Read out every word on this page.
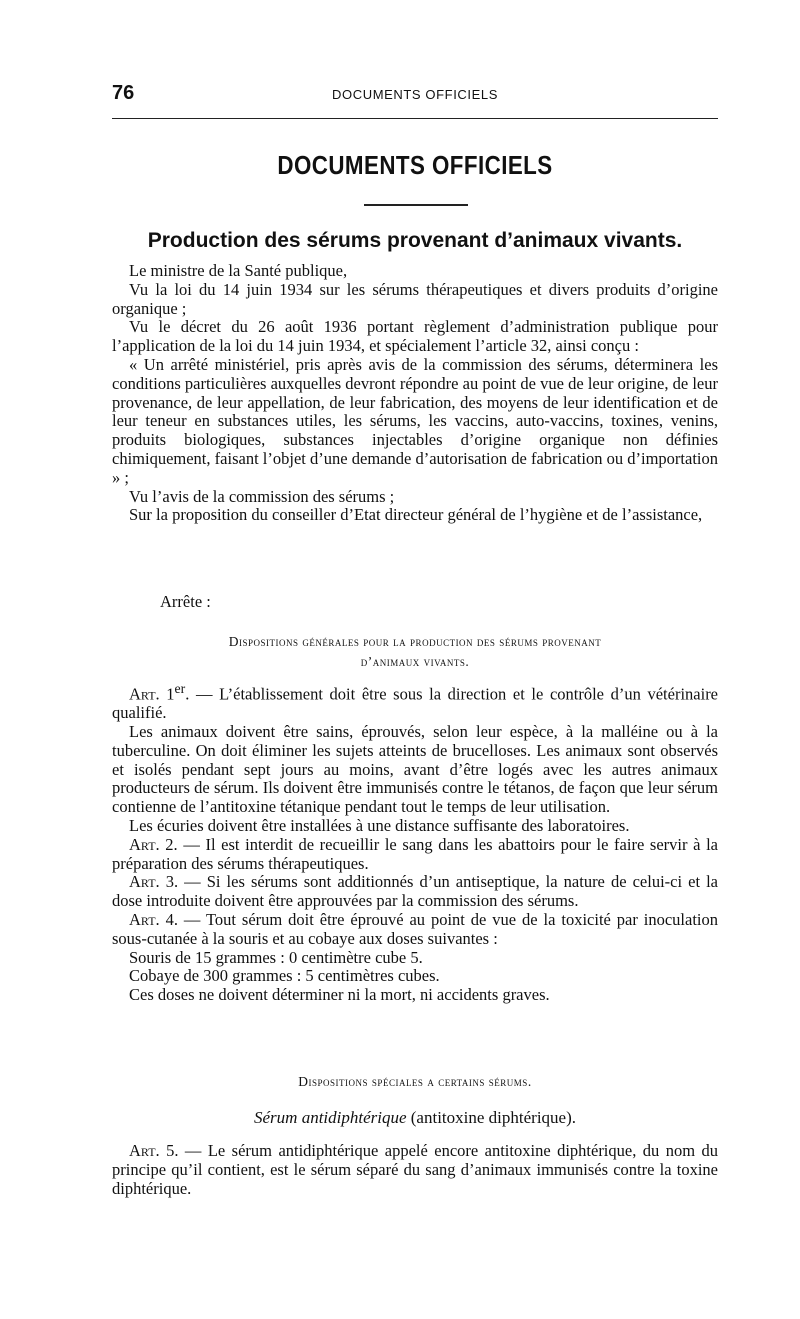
76	DOCUMENTS OFFICIELS
DOCUMENTS OFFICIELS
Production des sérums provenant d’animaux vivants.

Le ministre de la Santé publique,

Vu la loi du 14 juin 1934 sur les sérums thérapeutiques et divers produits d’origine organique ;

Vu le décret du 26 août 1936 portant règlement d’administration publique pour l’application de la loi du 14 juin 1934, et spécialement l’article 32, ainsi conçu :

« Un arrêté ministériel, pris après avis de la commission des sérums, déterminera les conditions particulières auxquelles devront répondre au point de vue de leur origine, de leur provenance, de leur appellation, de leur fabrication, des moyens de leur identification et de leur teneur en substances utiles, les sérums, les vaccins, auto-vaccins, toxines, venins, produits biologiques, substances injectables d’origine organique non définies chimiquement, faisant l’objet d’une demande d’autorisation de fabrication ou d’importation » ;

Vu l’avis de la commission des sérums ;

Sur la proposition du conseiller d’Etat directeur général de l’hygiène et de l’assistance,

Arrête :
Dispositions générales pour la production des sérums provenant
d’animaux vivants.

Art. 1er. — L’établissement doit être sous la direction et le contrôle d’un vétérinaire qualifié.

Les animaux doivent être sains, éprouvés, selon leur espèce, à la malléine ou à la tuberculine. On doit éliminer les sujets atteints de brucelloses. Les animaux sont observés et isolés pendant sept jours au moins, avant d’être logés avec les autres animaux producteurs de sérum. Ils doivent être immunisés contre le tétanos, de façon que leur sérum contienne de l’antitoxine tétanique pendant tout le temps de leur utilisation.

Les écuries doivent être installées à une distance suffisante des laboratoires.

Art. 2. — Il est interdit de recueillir le sang dans les abattoirs pour le faire servir à la préparation des sérums thérapeutiques.

Art. 3. — Si les sérums sont additionnés d’un antiseptique, la nature de celui-ci et la dose introduite doivent être approuvées par la commission des sérums.

Art. 4. — Tout sérum doit être éprouvé au point de vue de la toxicité par inoculation sous-cutanée à la souris et au cobaye aux doses suivantes :

Souris de 15 grammes : 0 centimètre cube 5.

Cobaye de 300 grammes : 5 centimètres cubes.

Ces doses ne doivent déterminer ni la mort, ni accidents graves.

Dispositions spéciales a certains sérums.
Sérum antidiphtérique (antitoxine diphtérique).

Art. 5. — Le sérum antidiphtérique appelé encore antitoxine diphtérique, du nom du principe qu’il contient, est le sérum séparé du sang d’animaux immunisés contre la toxine diphtérique.
